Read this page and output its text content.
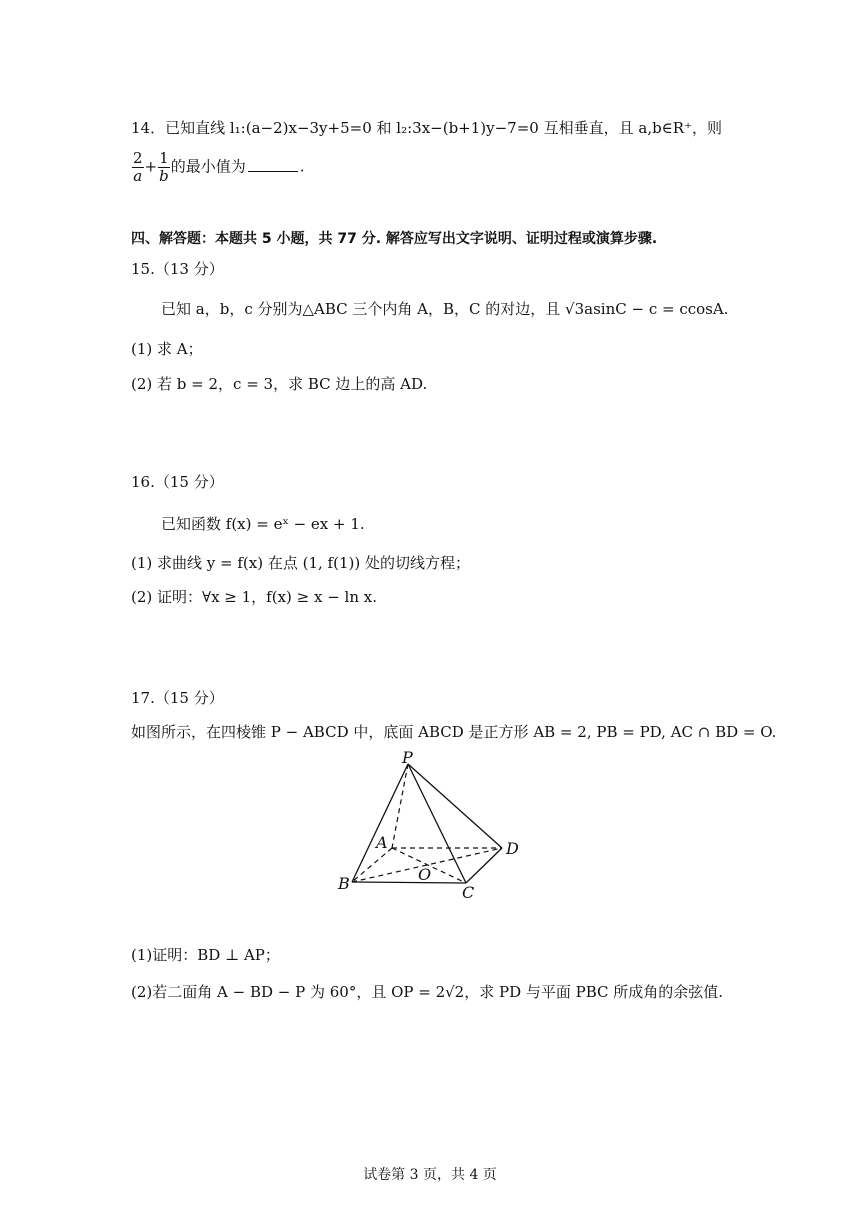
14．已知直线 l₁:(a−2)x−3y+5=0 和 l₂:3x−(b+1)y−7=0 互相垂直，且 a,b∈R⁺，则
$\frac{2}{a} + \frac{1}{b}$ 的最小值为	.
四、解答题：本题共 5 小题，共 77 分. 解答应写出文字说明、证明过程或演算步骤.
15.（13 分）
已知 a，b，c 分别为△ABC 三个内角 A，B，C 的对边，且 √3asinC − c = ccosA.
(1) 求 A；
(2) 若 b = 2，c = 3，求 BC 边上的高 AD.
16.（15 分）
已知函数 f(x) = eˣ − ex + 1.
(1) 求曲线 y = f(x) 在点 (1, f(1)) 处的切线方程；
(2) 证明：∀x ≥ 1，f(x) ≥ x − ln x.
17.（15 分）
如图所示，在四棱锥 P − ABCD 中，底面 ABCD 是正方形 AB = 2, PB = PD, AC ∩ BD = O.
P
A
B	C
D
O
(1)证明：BD ⊥ AP；
(2)若二面角 A − BD − P 为 60°，且 OP = 2√2，求 PD 与平面 PBC 所成角的余弦值.
试卷第 3 页，共 4 页
